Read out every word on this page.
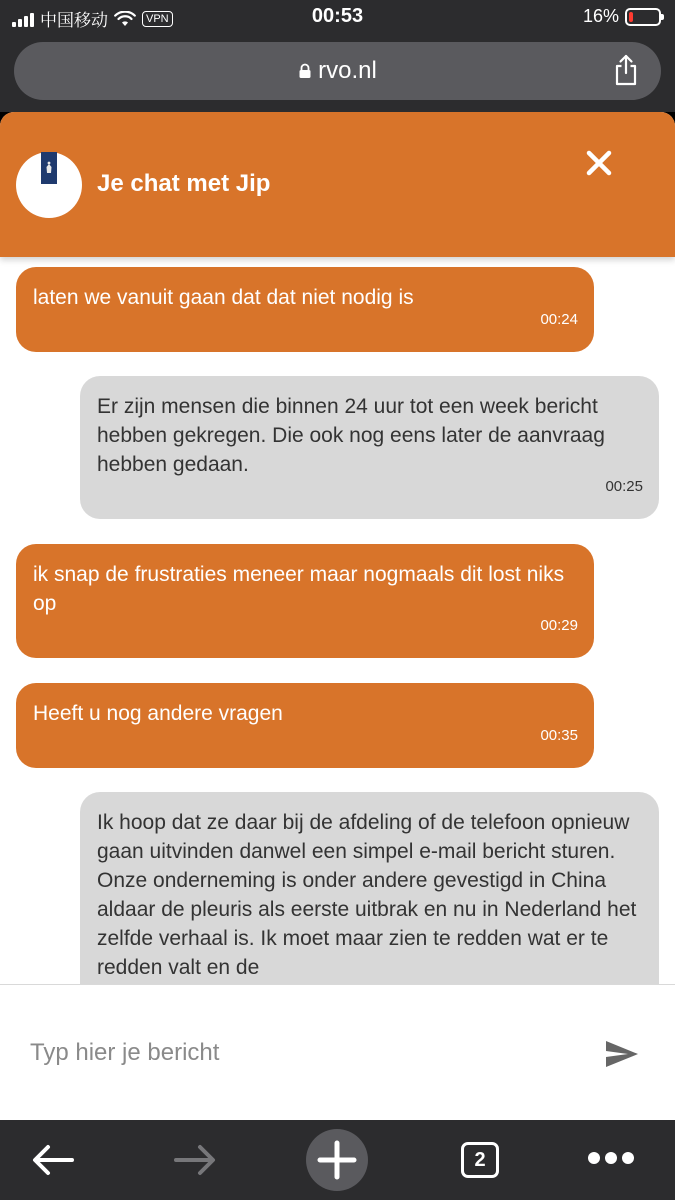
中国移动	VPN	00:53	16%
rvo.nl
laten we vanuit gaan dat dat niet nodig is
00:24
Er zijn mensen die binnen 24 uur tot een week bericht hebben gekregen. Die ook nog eens later de aanvraag hebben gedaan.
00:25
ik snap de frustraties meneer maar nogmaals dit lost niks op
00:29
Heeft u nog andere vragen
00:35
Ik hoop dat ze daar bij de afdeling of de telefoon opnieuw gaan uitvinden danwel een simpel e-mail bericht sturen. Onze onderneming is onder andere gevestigd in China aldaar de pleuris als eerste uitbrak en nu in Nederland het zelfde verhaal is. Ik moet maar zien te redden wat er te redden valt en de
Je chat met Jip
Typ hier je bericht
2
